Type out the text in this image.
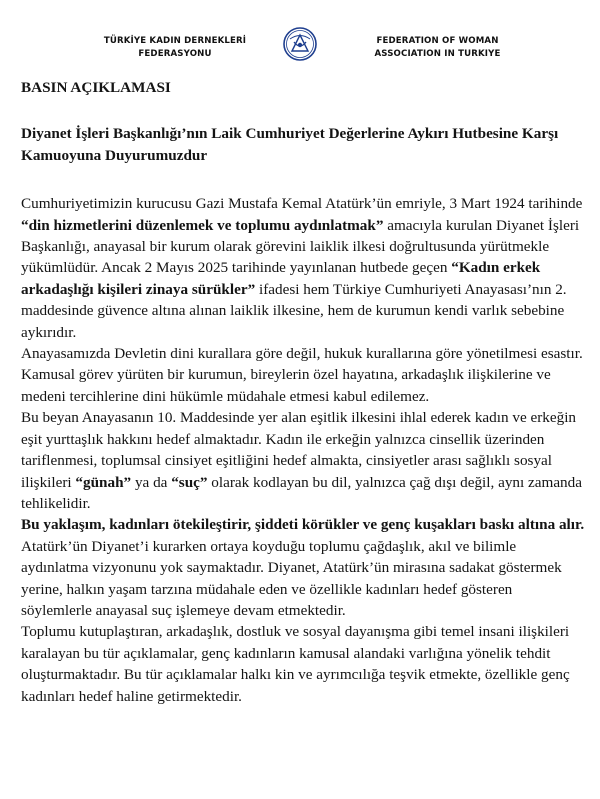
TÜRKİYE KADIN DERNEKLERİ
FEDERASYONU
FEDERATION OF WOMAN
ASSOCIATION IN TURKIYE

BASIN AÇIKLAMASI

Diyanet İşleri Başkanlığı’nın Laik Cumhuriyet Değerlerine Aykırı Hutbesine Karşı Kamuoyuna Duyurumuzdur

Cumhuriyetimizin kurucusu Gazi Mustafa Kemal Atatürk’ün emriyle, 3 Mart 1924 tarihinde “din hizmetlerini düzenlemek ve toplumu aydınlatmak” amacıyla kurulan Diyanet İşleri Başkanlığı, anayasal bir kurum olarak görevini laiklik ilkesi doğrultusunda yürütmekle yükümlüdür. Ancak 2 Mayıs 2025 tarihinde yayınlanan hutbede geçen “Kadın erkek arkadaşlığı kişileri zinaya sürükler” ifadesi hem Türkiye Cumhuriyeti Anayasası’nın 2. maddesinde güvence altına alınan laiklik ilkesine, hem de kurumun kendi varlık sebebine aykırıdır.

Anayasamızda Devletin dini kurallara göre değil, hukuk kurallarına göre yönetilmesi esastır. Kamusal görev yürüten bir kurumun, bireylerin özel hayatına, arkadaşlık ilişkilerine ve medeni tercihlerine dini hükümle müdahale etmesi kabul edilemez.

Bu beyan Anayasanın 10. Maddesinde yer alan eşitlik ilkesini ihlal ederek kadın ve erkeğin eşit yurttaşlık hakkını hedef almaktadır. Kadın ile erkeğin yalnızca cinsellik üzerinden tariflenmesi, toplumsal cinsiyet eşitliğini hedef almakta, cinsiyetler arası sağlıklı sosyal ilişkileri “günah” ya da “suç” olarak kodlayan bu dil, yalnızca çağ dışı değil, aynı zamanda tehlikelidir.

Bu yaklaşım, kadınları ötekileştirir, şiddeti körükler ve genç kuşakları baskı altına alır.

Atatürk’ün Diyanet’i kurarken ortaya koyduğu toplumu çağdaşlık, akıl ve bilimle aydınlatma vizyonunu yok saymaktadır. Diyanet, Atatürk’ün mirasına sadakat göstermek yerine, halkın yaşam tarzına müdahale eden ve özellikle kadınları hedef gösteren söylemlerle anayasal suç işlemeye devam etmektedir.

Toplumu kutuplaştıran, arkadaşlık, dostluk ve sosyal dayanışma gibi temel insani ilişkileri karalayan bu tür açıklamalar, genç kadınların kamusal alandaki varlığına yönelik tehdit oluşturmaktadır. Bu tür açıklamalar halkı kin ve ayrımcılığa teşvik etmekte, özellikle genç kadınları hedef haline getirmektedir.
